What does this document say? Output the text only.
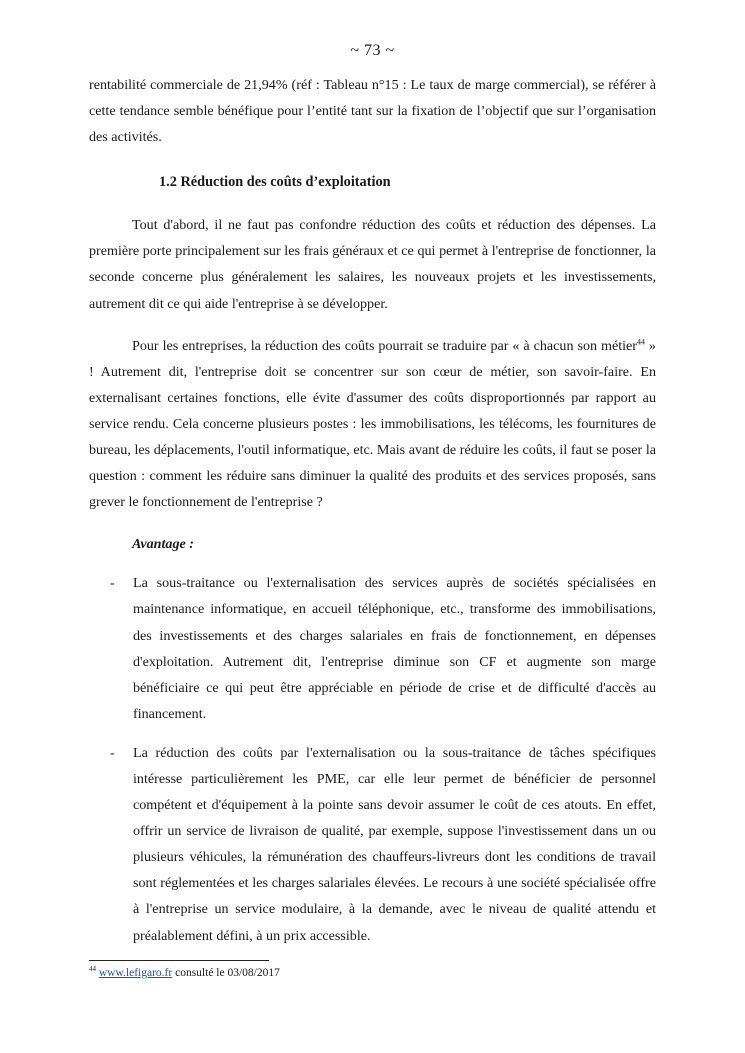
~ 73 ~

rentabilité commerciale de 21,94% (réf : Tableau n°15 : Le taux de marge commercial), se référer à cette tendance semble bénéfique pour l’entité tant sur la fixation de l’objectif que sur l’organisation des activités.

1.2 Réduction des coûts d’exploitation

Tout d'abord, il ne faut pas confondre réduction des coûts et réduction des dépenses. La première porte principalement sur les frais généraux et ce qui permet à l'entreprise de fonctionner, la seconde concerne plus généralement les salaires, les nouveaux projets et les investissements, autrement dit ce qui aide l'entreprise à se développer.

Pour les entreprises, la réduction des coûts pourrait se traduire par « à chacun son métier$^{44}$ » ! Autrement dit, l'entreprise doit se concentrer sur son cœur de métier, son savoir-faire. En externalisant certaines fonctions, elle évite d'assumer des coûts disproportionnés par rapport au service rendu. Cela concerne plusieurs postes : les immobilisations, les télécoms, les fournitures de bureau, les déplacements, l'outil informatique, etc. Mais avant de réduire les coûts, il faut se poser la question : comment les réduire sans diminuer la qualité des produits et des services proposés, sans grever le fonctionnement de l'entreprise ?

Avantage :
- La sous-traitance ou l'externalisation des services auprès de sociétés spécialisées en maintenance informatique, en accueil téléphonique, etc., transforme des immobilisations, des investissements et des charges salariales en frais de fonctionnement, en dépenses d'exploitation. Autrement dit, l'entreprise diminue son CF et augmente son marge bénéficiaire ce qui peut être appréciable en période de crise et de difficulté d'accès au financement.
- La réduction des coûts par l'externalisation ou la sous-traitance de tâches spécifiques intéresse particulièrement les PME, car elle leur permet de bénéficier de personnel compétent et d'équipement à la pointe sans devoir assumer le coût de ces atouts. En effet, offrir un service de livraison de qualité, par exemple, suppose l'investissement dans un ou plusieurs véhicules, la rémunération des chauffeurs-livreurs dont les conditions de travail sont réglementées et les charges salariales élevées. Le recours à une société spécialisée offre à l'entreprise un service modulaire, à la demande, avec le niveau de qualité attendu et préalablement défini, à un prix accessible.
$^{44}$ www.lefigaro.fr consulté le 03/08/2017
